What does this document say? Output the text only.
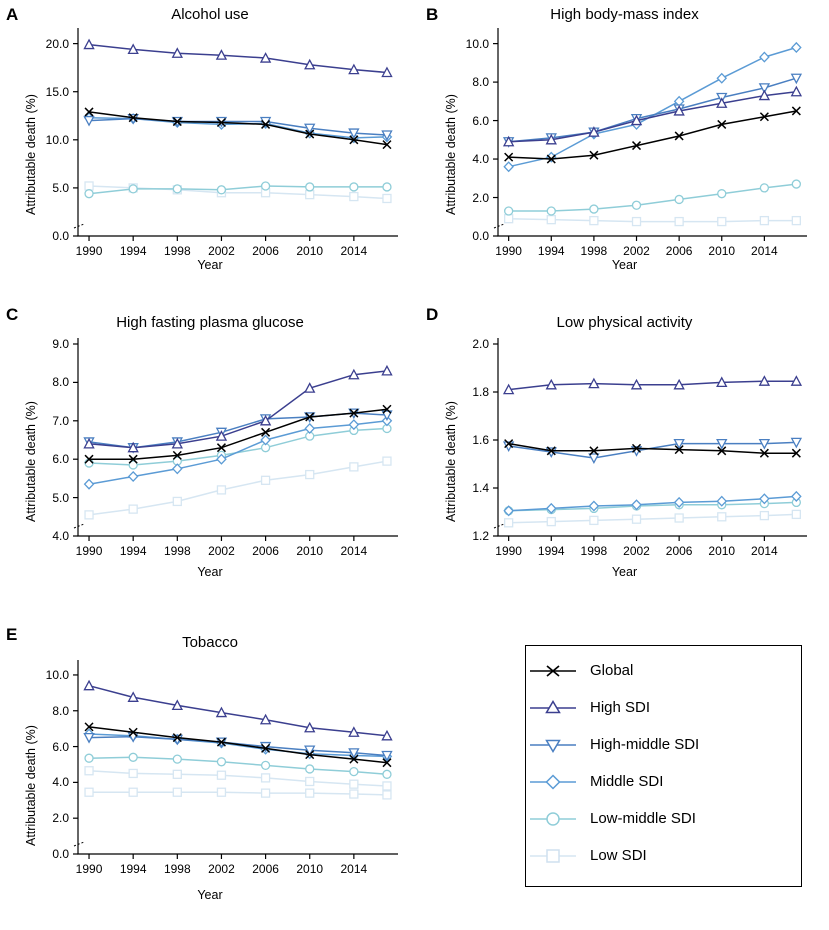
A	Alcohol use
Attributable death (%)
Year
0.0
5.0
10.0
15.0
20.0
1990 1994 1998 2002 2006 2010 2014
B	High body-mass index
Attributable death (%)
Year
0.0
2.0
4.0
6.0
8.0
10.0
1990 1994 1998 2002 2006 2010 2014
C	High fasting plasma glucose
Attributable death (%)
Year
4.0
5.0
6.0
7.0
8.0
9.0
1990 1994 1998 2002 2006 2010 2014
D	Low physical activity
Attributable death (%)
Year
1.2
1.4
1.6
1.8
2.0
1990 1994 1998 2002 2006 2010 2014
E	Tobacco
Attributable death (%)
Year
0.0
2.0
4.0
6.0
8.0
10.0
1990 1994 1998 2002 2006 2010 2014
Global
High SDI
High-middle SDI
Middle SDI
Low-middle SDI
Low SDI
